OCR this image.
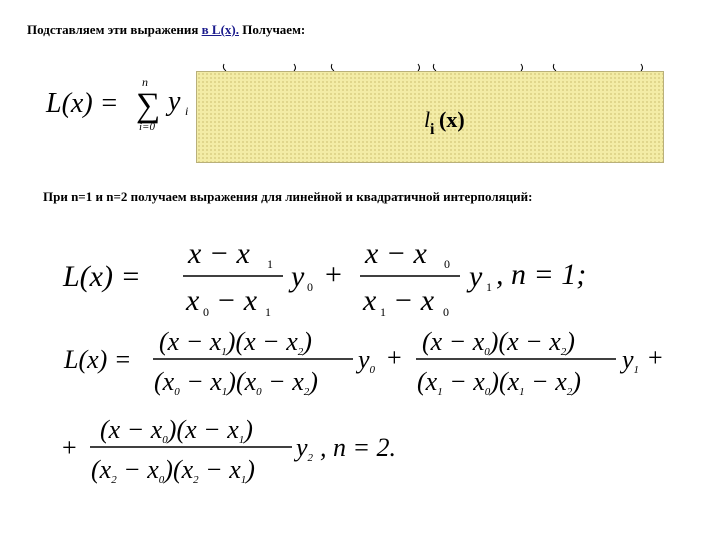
Подставляем эти выражения в L(x). Получаем:
L(x) =
n
∑
i=0
y i	l i (x)
При n=1 и n=2 получаем выражения для линейной и квадратичной интерполяций:
L(x) =
x − x 1
x 0 − x 1
y 0 +
x − x 0
x 1 − x 0
y 1 , n = 1;
L(x) =
(x − x1)(x − x2)
(x0 − x1)(x0 − x2)
y0 +
(x − x0)(x − x2)
(x1 − x0)(x1 − x2)
y1 +
+
(x − x0)(x − x1)
(x2 − x0)(x2 − x1)
y2 , n = 2.
